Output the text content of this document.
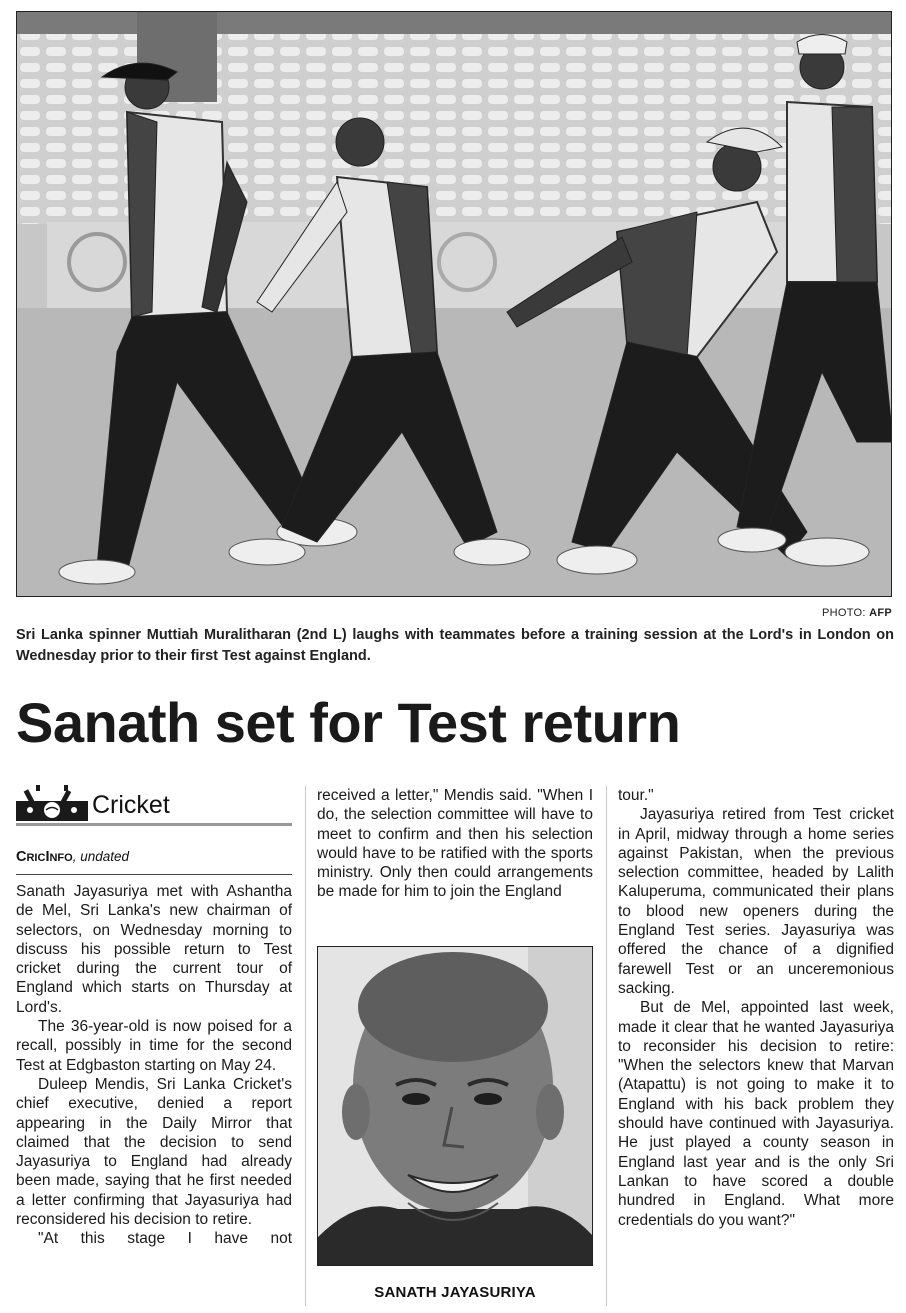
PHOTO: AFP
Sri Lanka spinner Muttiah Muralitharan (2nd L) laughs with teammates before a training session at the Lord's in London on Wednesday prior to their first Test against England.
Sanath set for Test return
Cricket
CRICINFO, undated

Sanath Jayasuriya met with Ashantha de Mel, Sri Lanka's new chairman of selectors, on Wednesday morning to discuss his possible return to Test cricket during the current tour of England which starts on Thursday at Lord's.

The 36-year-old is now poised for a recall, possibly in time for the second Test at Edgbaston starting on May 24.

Duleep Mendis, Sri Lanka Cricket's chief executive, denied a report appearing in the Daily Mirror that claimed that the decision to send Jayasuriya to England had already been made, saying that he first needed a letter confirming that Jayasuriya had reconsidered his decision to retire.

"At this stage I have not

received a letter," Mendis said. "When I do, the selection committee will have to meet to confirm and then his selection would have to be ratified with the sports ministry. Only then could arrangements be made for him to join the England

SANATH JAYASURIYA

tour."

Jayasuriya retired from Test cricket in April, midway through a home series against Pakistan, when the previous selection committee, headed by Lalith Kaluperuma, communicated their plans to blood new openers during the England Test series. Jayasuriya was offered the chance of a dignified farewell Test or an unceremonious sacking.

But de Mel, appointed last week, made it clear that he wanted Jayasuriya to reconsider his decision to retire: "When the selectors knew that Marvan (Atapattu) is not going to make it to England with his back problem they should have continued with Jayasuriya. He just played a county season in England last year and is the only Sri Lankan to have scored a double hundred in England. What more credentials do you want?"
